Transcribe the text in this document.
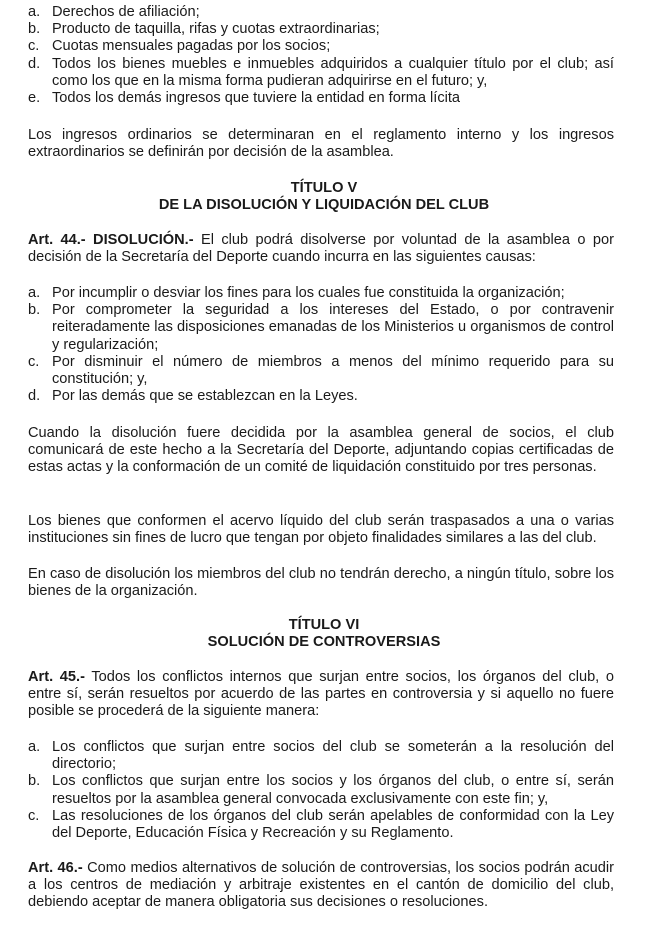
a. Derechos de afiliación;
b. Producto de taquilla, rifas y cuotas extraordinarias;
c. Cuotas mensuales pagadas por los socios;
d. Todos los bienes muebles e inmuebles adquiridos a cualquier título por el club; así como los que en la misma forma pudieran adquirirse en el futuro; y,
e. Todos los demás ingresos que tuviere la entidad en forma lícita

Los ingresos ordinarios se determinaran en el reglamento interno y los ingresos extraordinarios se definirán por decisión de la asamblea.

TÍTULO V
DE LA DISOLUCIÓN Y LIQUIDACIÓN DEL CLUB

Art. 44.- DISOLUCIÓN.- El club podrá disolverse por voluntad de la asamblea o por decisión de la Secretaría del Deporte cuando incurra en las siguientes causas:

a. Por incumplir o desviar los fines para los cuales fue constituida la organización;
b. Por comprometer la seguridad a los intereses del Estado, o por contravenir reiteradamente las disposiciones emanadas de los Ministerios u organismos de control y regularización;
c. Por disminuir el número de miembros a menos del mínimo requerido para su constitución; y,
d. Por las demás que se establezcan en la Leyes.

Cuando la disolución fuere decidida por la asamblea general de socios, el club comunicará de este hecho a la Secretaría del Deporte, adjuntando copias certificadas de estas actas y la conformación de un comité de liquidación constituido por tres personas.

Los bienes que conformen el acervo líquido del club serán traspasados a una o varias instituciones sin fines de lucro que tengan por objeto finalidades similares a las del club.

En caso de disolución los miembros del club no tendrán derecho, a ningún título, sobre los bienes de la organización.

TÍTULO VI
SOLUCIÓN DE CONTROVERSIAS

Art. 45.- Todos los conflictos internos que surjan entre socios, los órganos del club, o entre sí, serán resueltos por acuerdo de las partes en controversia y si aquello no fuere posible se procederá de la siguiente manera:

a. Los conflictos que surjan entre socios del club se someterán a la resolución del directorio;
b. Los conflictos que surjan entre los socios y los órganos del club, o entre sí, serán resueltos por la asamblea general convocada exclusivamente con este fin; y,
c. Las resoluciones de los órganos del club serán apelables de conformidad con la Ley del Deporte, Educación Física y Recreación y su Reglamento.

Art. 46.- Como medios alternativos de solución de controversias, los socios podrán acudir a los centros de mediación y arbitraje existentes en el cantón de domicilio del club, debiendo aceptar de manera obligatoria sus decisiones o resoluciones.
